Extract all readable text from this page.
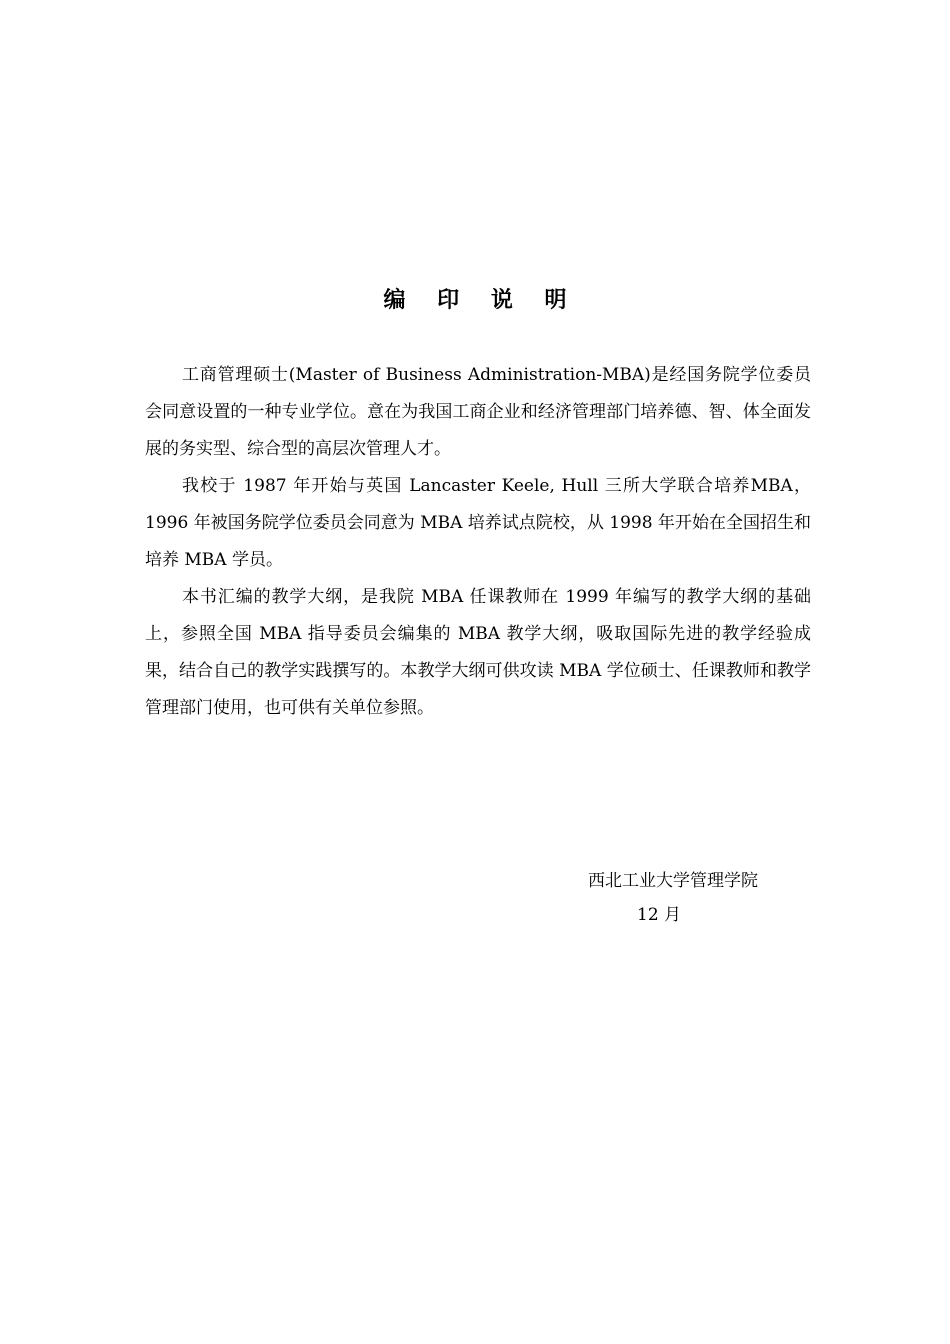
编 印 说 明

工商管理硕士(Master of Business Administration-MBA)是经国务院学位委员会同意设置的一种专业学位。意在为我国工商企业和经济管理部门培养德、智、体全面发展的务实型、综合型的高层次管理人才。

我校于 1987 年开始与英国 Lancaster Keele, Hull 三所大学联合培养MBA，1996 年被国务院学位委员会同意为 MBA 培养试点院校，从 1998 年开始在全国招生和培养 MBA 学员。

本书汇编的教学大纲，是我院 MBA 任课教师在 1999 年编写的教学大纲的基础上，参照全国 MBA 指导委员会编集的 MBA 教学大纲，吸取国际先进的教学经验成果，结合自己的教学实践撰写的。本教学大纲可供攻读 MBA 学位硕士、任课教师和教学管理部门使用，也可供有关单位参照。

西北工业大学管理学院
12 月
